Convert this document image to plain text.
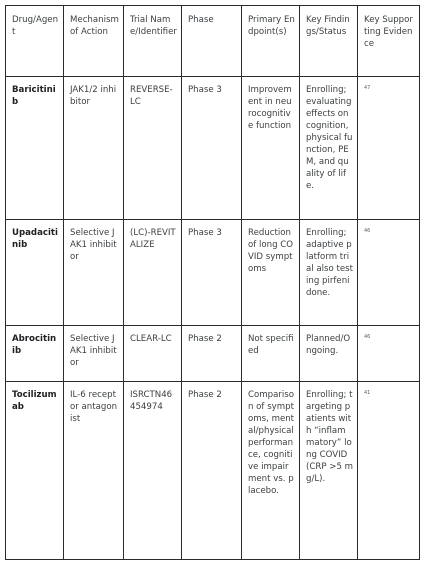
Drug/Agent	Mechanism of Action	Trial Name/Identifier	Phase	Primary Endpoint(s)	Key Findings/Status	Key Supporting Evidence
Baricitinib	JAK1/2 inhibitor	REVERSE-LC	Phase 3	Improvement in neurocognitive function	Enrolling; evaluating effects on cognition, physical function, PEM, and quality of life.	47
Upadacitinib	Selective JAK1 inhibitor	(LC)-REVITALIZE	Phase 3	Reduction of long COVID symptoms	Enrolling; adaptive platform trial also testing pirfenidone.	46
Abrocitinib	Selective JAK1 inhibitor	CLEAR-LC	Phase 2	Not specified	Planned/Ongoing.	46
Tocilizumab	IL-6 receptor antagonist	ISRCTN46454974	Phase 2	Comparison of symptoms, mental/physical performance, cognitive impairment vs. placebo.	Enrolling; targeting patients with “inflammatory” long COVID (CRP >5 mg/L).	41
